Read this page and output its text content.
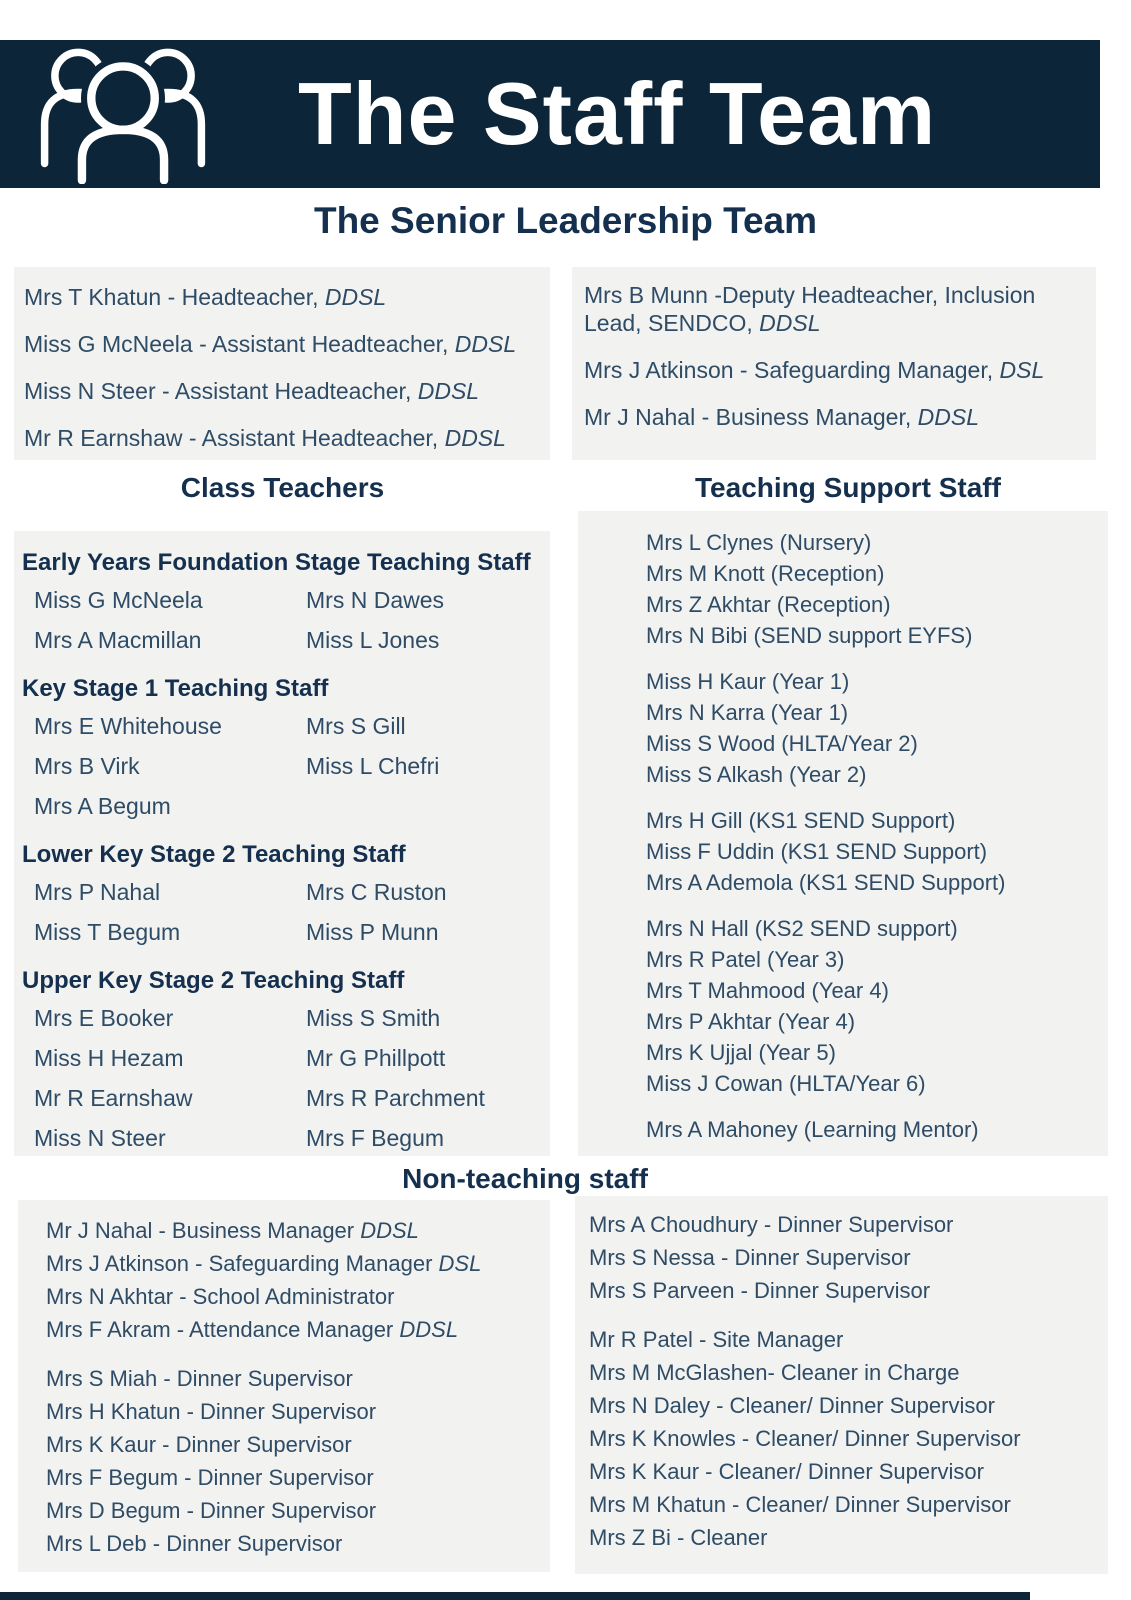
The Staff Team
The Senior Leadership Team

Mrs T Khatun - Headteacher, DDSL

Miss G McNeela - Assistant Headteacher, DDSL

Miss N Steer - Assistant Headteacher, DDSL

Mr R Earnshaw - Assistant Headteacher, DDSL

Mrs B Munn -Deputy Headteacher, Inclusion Lead, SENDCO, DDSL

Mrs J Atkinson - Safeguarding Manager, DSL

Mr J Nahal - Business Manager, DDSL

Class Teachers	Teaching Support Staff

Early Years Foundation Stage Teaching Staff

Miss G McNeela	Mrs N Dawes
Mrs A Macmillan	Miss L Jones

Key Stage 1 Teaching Staff

Mrs E Whitehouse	Mrs S Gill
Mrs B Virk	Miss L Chefri
Mrs A Begum

Lower Key Stage 2 Teaching Staff

Mrs P Nahal	Mrs C Ruston
Miss T Begum	Miss P Munn

Upper Key Stage 2 Teaching Staff

Mrs E Booker	Miss S Smith
Miss H Hezam	Mr G Phillpott
Mr R Earnshaw	Mrs R Parchment
Miss N Steer	Mrs F Begum

Mrs L Clynes (Nursery)

Mrs M Knott (Reception)

Mrs Z Akhtar (Reception)

Mrs N Bibi (SEND support EYFS)

Miss H Kaur (Year 1)

Mrs N Karra (Year 1)

Miss S Wood (HLTA/Year 2)

Miss S Alkash (Year 2)

Mrs H Gill (KS1 SEND Support)

Miss F Uddin (KS1 SEND Support)

Mrs A Ademola (KS1 SEND Support)

Mrs N Hall (KS2 SEND support)

Mrs R Patel (Year 3)

Mrs T Mahmood (Year 4)

Mrs P Akhtar (Year 4)

Mrs K Ujjal (Year 5)

Miss J Cowan (HLTA/Year 6)

Mrs A Mahoney (Learning Mentor)

Non-teaching staff

Mr J Nahal - Business Manager DDSL

Mrs J Atkinson - Safeguarding Manager DSL

Mrs N Akhtar - School Administrator

Mrs F Akram - Attendance Manager DDSL

Mrs S Miah - Dinner Supervisor

Mrs H Khatun - Dinner Supervisor

Mrs K Kaur - Dinner Supervisor

Mrs F Begum - Dinner Supervisor

Mrs D Begum - Dinner Supervisor

Mrs L Deb - Dinner Supervisor

Mrs A Choudhury - Dinner Supervisor

Mrs S Nessa - Dinner Supervisor

Mrs S Parveen - Dinner Supervisor

Mr R Patel - Site Manager

Mrs M McGlashen- Cleaner in Charge

Mrs N Daley - Cleaner/ Dinner Supervisor

Mrs K Knowles - Cleaner/ Dinner Supervisor

Mrs K Kaur - Cleaner/ Dinner Supervisor

Mrs M Khatun - Cleaner/ Dinner Supervisor

Mrs Z Bi - Cleaner
